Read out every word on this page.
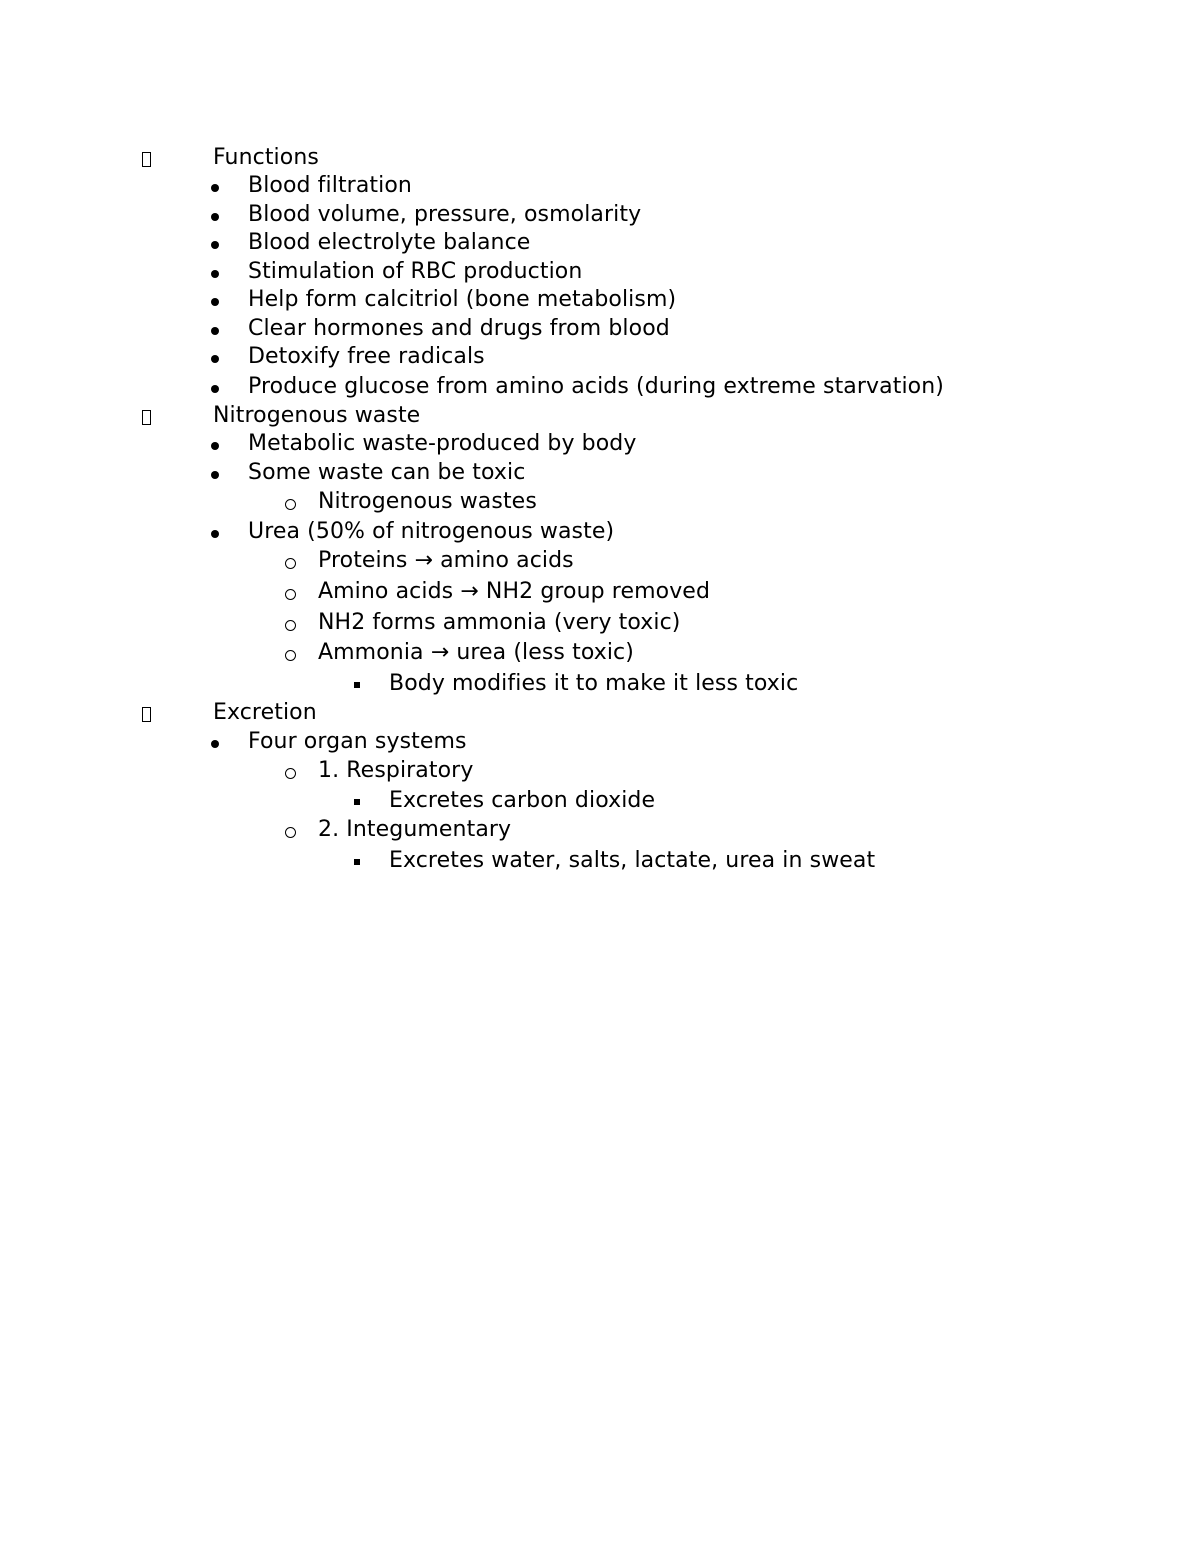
Functions
Blood filtration
Blood volume, pressure, osmolarity
Blood electrolyte balance
Stimulation of RBC production
Help form calcitriol (bone metabolism)
Clear hormones and drugs from blood
Detoxify free radicals
Produce glucose from amino acids (during extreme starvation)
Nitrogenous waste
Metabolic waste-produced by body
Some waste can be toxic
Nitrogenous wastes
Urea (50% of nitrogenous waste)
Proteins → amino acids
Amino acids → NH2 group removed
NH2 forms ammonia (very toxic)
Ammonia → urea (less toxic)
Body modifies it to make it less toxic
Excretion
Four organ systems
1. Respiratory
Excretes carbon dioxide
2. Integumentary
Excretes water, salts, lactate, urea in sweat
